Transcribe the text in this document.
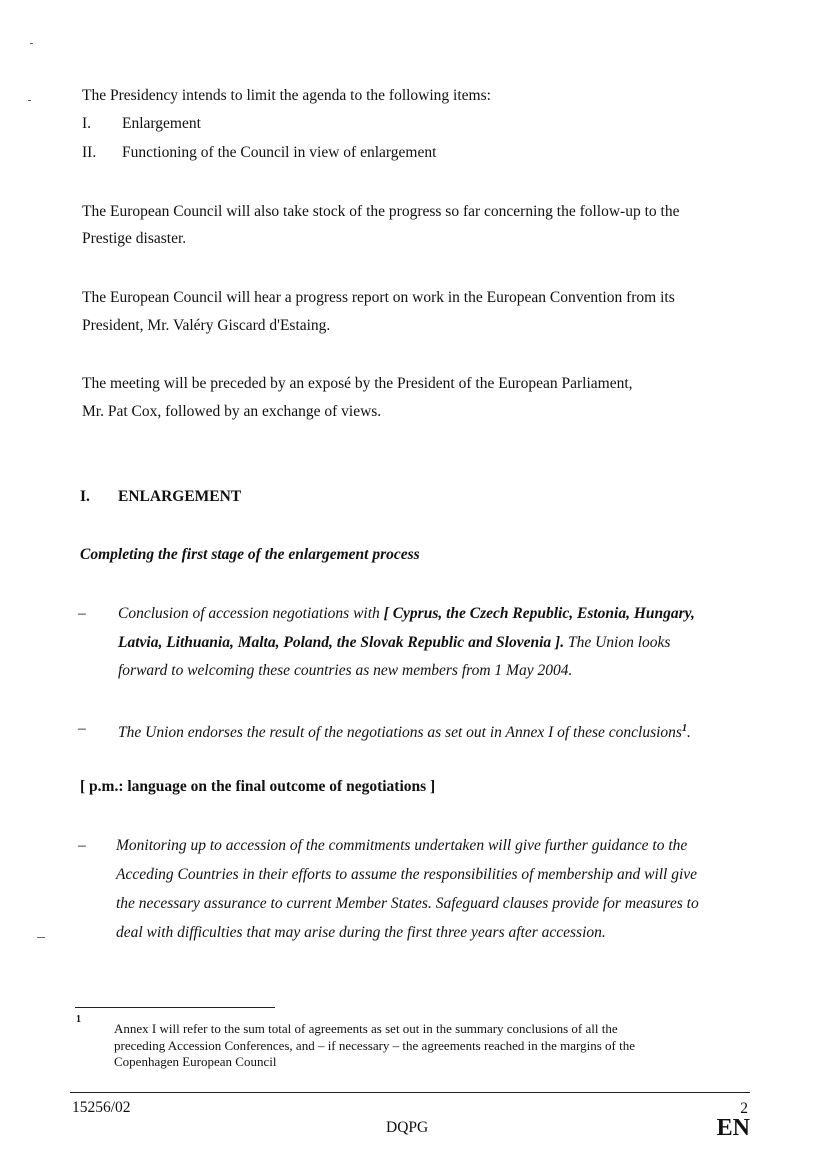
The Presidency intends to limit the agenda to the following items:
I. Enlargement
II. Functioning of the Council in view of enlargement
The European Council will also take stock of the progress so far concerning the follow-up to the
Prestige disaster.
The European Council will hear a progress report on work in the European Convention from its
President, Mr. Valéry Giscard d'Estaing.
The meeting will be preceded by an exposé by the President of the European Parliament,
Mr. Pat Cox, followed by an exchange of views.
I. ENLARGEMENT
Completing the first stage of the enlargement process
– Conclusion of accession negotiations with [ Cyprus, the Czech Republic, Estonia, Hungary,
Latvia, Lithuania, Malta, Poland, the Slovak Republic and Slovenia ]. The Union looks
forward to welcoming these countries as new members from 1 May 2004.
– The Union endorses the result of the negotiations as set out in Annex I of these conclusions$^1$.
[ p.m.: language on the final outcome of negotiations ]
– Monitoring up to accession of the commitments undertaken will give further guidance to the
Acceding Countries in their efforts to assume the responsibilities of membership and will give
the necessary assurance to current Member States. Safeguard clauses provide for measures to
deal with difficulties that may arise during the first three years after accession.
1
Annex I will refer to the sum total of agreements as set out in the summary conclusions of all the
preceding Accession Conferences, and – if necessary – the agreements reached in the margins of the
Copenhagen European Council
15256/02
DQPG
2
EN
